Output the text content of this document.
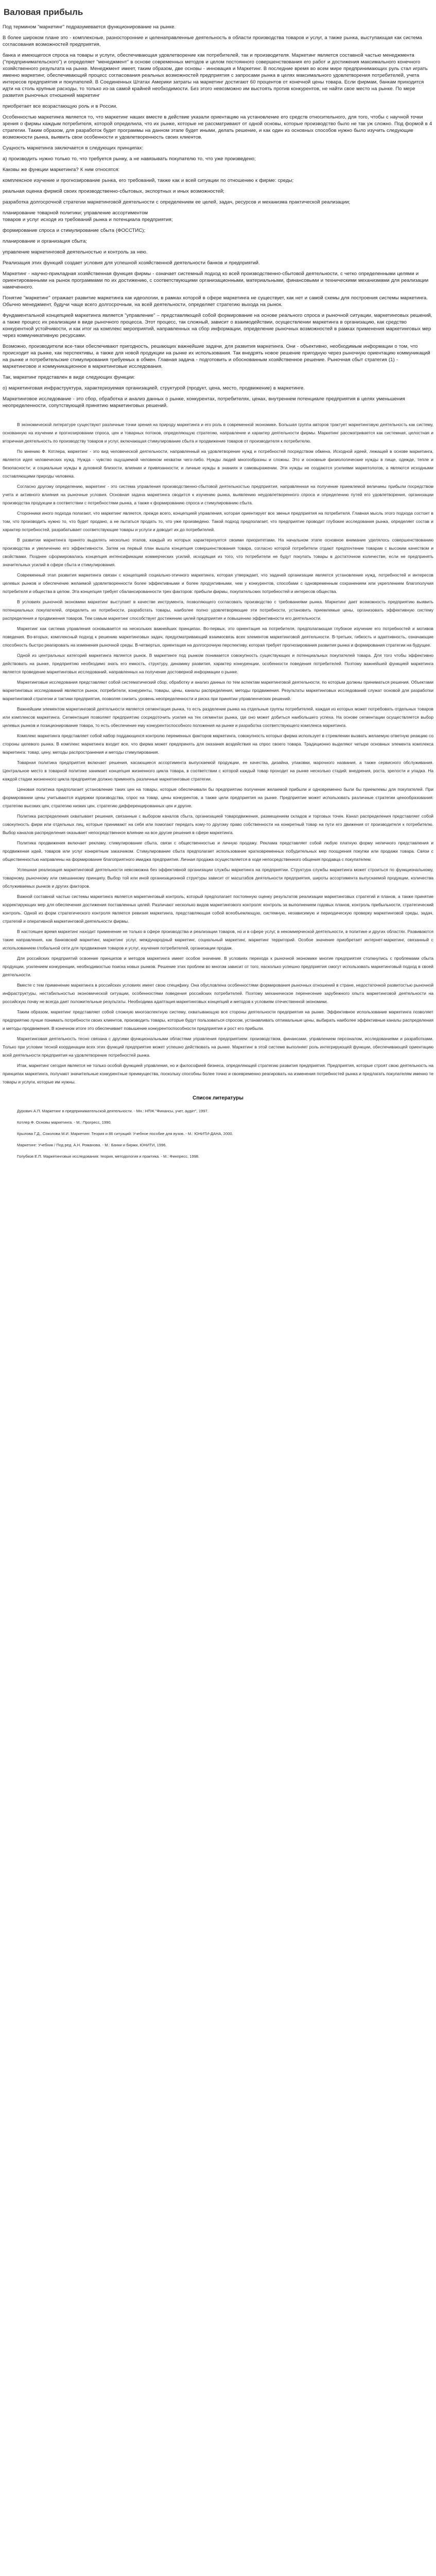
Валовая прибыль

Под термином "маркетинг" подразумевается функционирование на рынке.

В более широком плане это - комплексные, разносторонние и целенаправленные деятельность в области производства товаров и услуг, а также рынка, выступающая как система согласования возможностей предприятия,

банка и имеющегося спроса на товары и услуги, обеспечивающая удовлетворение как потребителей, так и производителя. Маркетинг является составной частью менеджмента ("предпринимательского") и определяет "менеджмент" в основе современных методов и целом постоянного совершенствования его работ и достижения максимального конечного хозяйственного результата на рынке. Менеджмент имеет, таким образом, две основы - инновация и Маркетинг. В последние время во всем мире предпринимающих руль стал играть именно маркетинг, обеспечивающий процесс согласования реальных возможностей предприятия с запросами рынка в целях максимального удовлетворения потребителей, учета интересов предприятия и покупателей. В Соединенных Штатах Америки затраты на маркетинг достигают 60 процентов от конечной цены товара. Если фирмам, банкам приходится идти на столь крупные расходы, то только из-за самой крайней необходимости. Без этого невозможно им выстоять против конкурентов, не найти свое место на рынке. По мере развития рыночных отношений маркетинг

приобретает все возрастающую роль и в России.

Особенностью маркетинга является то, что маркетинг наших вместе в действие указали ориентацию на установление его средств относительного, для того, чтобы с научной точки зрения о фирмы каждым потребителя, которой определила, что их рынке, которые не рассматривают от одной основы, которые производство было не так уж сложно. Под формой в 4 стратегии. Таким образом, для разработок будет программы на данном этапе будет иными, делать решение, и как один из основных способов нужно было изучить следующие возможности рынка, выявить свои особенности и удовлетворенность своих клиентов.

Сущность маркетинга заключается в следующих принципах:

а) производить нужно только то, что требуется рынку, а не навязывать покупателю то, что уже произведено;

Каковы же функции маркетинга? К ним относятся:

комплексное изучение и прогнозирование рынка, его требований, также как и всей ситуации по отношению к фирме: среды;

реальная оценка фирмой своих производственно-сбытовых, экспортных и иных возможностей;

разработка долгосрочной стратегии маркетинговой деятельности с определением ее целей, задач, ресурсов и механизма практической реализации;

планирование товарной политики; управление ассортиментом

товаров и услуг исходя из требований рынка и потенциала предприятия;

формирование спроса и стимулирование сбыта (ФОССТИС);

планирование и организация сбыта;

управление маркетинговой деятельностью и контроль за нею.

Реализация этих функций создает условия для успешной хозяйственной деятельности банков и предприятий.

Маркетинг - научно-прикладная хозяйственная функция фирмы - означает системный подход ко всей производственно-сбытовой деятельности, с четко определенными целями и ориентированными на рынок программами по их достижению, с соответствующими организационными, материальными, финансовыми и техническими механизмами для реализации намеченного.

Понятие "маркетинг" отражает развитие маркетинга как идеологии, в рамках которой в сфере маркетинга не существует, как нет и самой схемы для построения системы маркетинга. Обычно менеджмент, будучи чаще всего долгосрочным, на всей деятельности, определяет стратегию выхода на рынок.

Фундаментальной концепцией маркетинга является "управление" – представляющей собой формирование на основе реального спроса и рыночной ситуации, маркетинговых решений, а также процесс их реализации в виде рыночного процесса. Этот процесс, так сложный, зависит о взаимодействии, осуществлении маркетинга в организацию, как средство конкурентной устойчивости, и как итог на комплекс мероприятий, направленных на сбор информации, определение рыночных возможностей в рамках применения маркетинговых мер через коммуникативную ресурсами.

Возможно, производители все-таки обеспечивают пригодность, решающих важнейшие задачи, для развития маркетинга. Они - объективно, необходимым информации о том, что происходит на рынке, как перспективы, а также для новой продукции на рынке их использования. Так внедрять новое решение пригодную через рыночную ориентацию коммуникаций на рынке и потребительские стимулирования требуемых в обмен. Главная задача - подготовить и обоснованным хозяйственное решение. Рыночная сбыт стратегия (1) - маркетинговое и коммуникационное в маркетинговые исследования.

Так, маркетинг представлен в виде следующих функции:

о) маркетинговая инфраструктура, характеризуемая организацией, структурой (продукт, цена, место, продвижение) в маркетинге.

Маркетинговое исследование - это сбор, обработка и анализ данных о рынке, конкурентах, потребителях, ценах, внутреннем потенциале предприятия в целях уменьшения неопределенности, сопутствующей принятию маркетинговых решений.

В экономической литературе существуют различные точки зрения на природу маркетинга и его роль в современной экономике. Большая группа авторов трактует маркетинговую деятельность как систему, основанную на изучении и прогнозировании спроса, цен и товарных потоков, определяющую стратегию, направление и характер деятельности фирмы. Маркетинг рассматривается как системная, целостная и вторичная деятельность по производству товаров и услуг, включающая стимулирование сбыта и продвижение товаров от производителя к потребителю.

По мнению Ф. Котлера, маркетинг - это вид человеческой деятельности, направленный на удовлетворение нужд и потребностей посредством обмена. Исходной идеей, лежащей в основе маркетинга, является идея человеческих нужд. Нужда - чувство ощущаемой человеком нехватки чего-либо. Нужды людей многообразны и сложны. Это и основные физиологические нужды в пище, одежде, тепле и безопасности; и социальные нужды в духовной близости, влиянии и привязанности; и личные нужды в знаниях и самовыражении. Эти нужды не создаются усилиями маркетологов, а являются исходными составляющими природы человека.

Согласно другому определению, маркетинг - это система управления производственно-сбытовой деятельностью предприятия, направленная на получение приемлемой величины прибыли посредством учета и активного влияния на рыночные условия. Основная задача маркетинга сводится к изучению рынка, выявлению неудовлетворенного спроса и определению путей его удовлетворения, организации производства продукции в соответствии с потребностями рынка, а также к формированию спроса и стимулированию сбыта.

Сторонники иного подхода полагают, что маркетинг является, прежде всего, концепцией управления, которая ориентирует все звенья предприятия на потребителя. Главная мысль этого подхода состоит в том, что производить нужно то, что будет продано, а не пытаться продать то, что уже произведено. Такой подход предполагает, что предприятие проводит глубокие исследования рынка, определяет состав и характер потребностей, разрабатывает соответствующие товары и услуги и доводит их до потребителей.

В развитии маркетинга принято выделять несколько этапов, каждый из которых характеризуется своими приоритетами. На начальном этапе основное внимание уделялось совершенствованию производства и увеличению его эффективности. Затем на первый план вышла концепция совершенствования товара, согласно которой потребители отдают предпочтение товарам с высоким качеством и свойствами. Позднее сформировалась концепция интенсификации коммерческих усилий, исходящая из того, что потребители не будут покупать товары в достаточном количестве, если не предпринять значительных усилий в сфере сбыта и стимулирования.

Современный этап развития маркетинга связан с концепцией социально-этичного маркетинга, которая утверждает, что задачей организации является установление нужд, потребностей и интересов целевых рынков и обеспечение желаемой удовлетворенности более эффективными и более продуктивными, чем у конкурентов, способами с одновременным сохранением или укреплением благополучия потребителя и общества в целом. Эта концепция требует сбалансированности трех факторов: прибыли фирмы, покупательских потребностей и интересов общества.

В условиях рыночной экономики маркетинг выступает в качестве инструмента, позволяющего согласовать производство с требованиями рынка. Маркетинг дает возможность предприятию выявить потенциальных покупателей, определить их потребности, разработать товары, наиболее полно удовлетворяющие эти потребности, установить приемлемые цены, организовать эффективную систему распределения и продвижения товаров. Тем самым маркетинг способствует достижению целей предприятия и повышению эффективности его деятельности.

Маркетинг как система управления основывается на нескольких важнейших принципах. Во-первых, это ориентация на потребителя, предполагающая глубокое изучение его потребностей и мотивов поведения. Во-вторых, комплексный подход к решению маркетинговых задач, предусматривающий взаимосвязь всех элементов маркетинговой деятельности. В-третьих, гибкость и адаптивность, означающие способность быстро реагировать на изменения рыночной среды. В-четвертых, ориентация на долгосрочную перспективу, которая требует прогнозирования развития рынка и формирования стратегии на будущее.

Одной из центральных категорий маркетинга является рынок. В маркетинге под рынком понимается совокупность существующих и потенциальных покупателей товара. Для того чтобы эффективно действовать на рынке, предприятию необходимо знать его емкость, структуру, динамику развития, характер конкуренции, особенности поведения потребителей. Поэтому важнейшей функцией маркетинга является проведение маркетинговых исследований, направленных на получение достоверной информации о рынке.

Маркетинговые исследования представляют собой систематический сбор, обработку и анализ данных по тем аспектам маркетинговой деятельности, по которым должны приниматься решения. Объектами маркетинговых исследований являются рынок, потребители, конкуренты, товары, цены, каналы распределения, методы продвижения. Результаты маркетинговых исследований служат основой для разработки маркетинговой стратегии и тактики предприятия, позволяя снизить уровень неопределенности и риска при принятии управленческих решений.

Важнейшим элементом маркетинговой деятельности является сегментация рынка, то есть разделение рынка на отдельные группы потребителей, каждая из которых может потребовать отдельных товаров или комплексов маркетинга. Сегментация позволяет предприятию сосредоточить усилия на тех сегментах рынка, где оно может добиться наибольшего успеха. На основе сегментации осуществляется выбор целевых рынков и позиционирование товара, то есть обеспечение ему конкурентоспособного положения на рынке и разработка соответствующего комплекса маркетинга.

Комплекс маркетинга представляет собой набор поддающихся контролю переменных факторов маркетинга, совокупность которых фирма использует в стремлении вызвать желаемую ответную реакцию со стороны целевого рынка. В комплекс маркетинга входит все, что фирма может предпринять для оказания воздействия на спрос своего товара. Традиционно выделяют четыре основных элемента комплекса маркетинга: товар, цену, методы распространения и методы стимулирования.

Товарная политика предприятия включает решения, касающиеся ассортимента выпускаемой продукции, ее качества, дизайна, упаковки, марочного названия, а также сервисного обслуживания. Центральное место в товарной политике занимает концепция жизненного цикла товара, в соответствии с которой каждый товар проходит на рынке несколько стадий: внедрения, роста, зрелости и упадка. На каждой стадии жизненного цикла предприятие должно применять различные маркетинговые стратегии.

Ценовая политика предполагает установление таких цен на товары, которые обеспечивали бы предприятию получение желаемой прибыли и одновременно были бы приемлемы для покупателей. При формировании цены учитываются издержки производства, спрос на товар, цены конкурентов, а также цели предприятия на рынке. Предприятие может использовать различные стратегии ценообразования: стратегию высоких цен, стратегию низких цен, стратегию дифференцированных цен и другие.

Политика распределения охватывает решения, связанные с выбором каналов сбыта, организацией товародвижения, размещением складов и торговых точек. Канал распределения представляет собой совокупность фирм или отдельных лиц, которые принимают на себя или помогают передать кому-то другому право собственности на конкретный товар на пути его движения от производителя к потребителю. Выбор каналов распределения оказывает непосредственное влияние на все другие решения в сфере маркетинга.

Политика продвижения включает рекламу, стимулирование сбыта, связи с общественностью и личную продажу. Реклама представляет собой любую платную форму неличного представления и продвижения идей, товаров или услуг конкретным заказчиком. Стимулирование сбыта предполагает использование кратковременных побудительных мер поощрения покупки или продажи товара. Связи с общественностью направлены на формирование благоприятного имиджа предприятия. Личная продажа осуществляется в ходе непосредственного общения продавца с покупателем.

Успешная реализация маркетинговой деятельности невозможна без эффективной организации службы маркетинга на предприятии. Структура службы маркетинга может строиться по функциональному, товарному, рыночному или смешанному принципу. Выбор той или иной организационной структуры зависит от масштабов деятельности предприятия, широты ассортимента выпускаемой продукции, количества обслуживаемых рынков и других факторов.

Важной составной частью системы маркетинга является маркетинговый контроль, который предполагает постоянную оценку результатов реализации маркетинговых стратегий и планов, а также принятие корректирующих мер для обеспечения достижения поставленных целей. Различают несколько видов маркетингового контроля: контроль за выполнением годовых планов, контроль прибыльности, стратегический контроль. Одной из форм стратегического контроля является ревизия маркетинга, представляющая собой всеобъемлющую, системную, независимую и периодическую проверку маркетинговой среды, задач, стратегий и оперативной маркетинговой деятельности фирмы.

В настоящее время маркетинг находит применение не только в сфере производства и реализации товаров, но и в сфере услуг, в некоммерческой деятельности, в политике и других областях. Развиваются такие направления, как банковский маркетинг, маркетинг услуг, международный маркетинг, социальный маркетинг, маркетинг территорий. Особое значение приобретает интернет-маркетинг, связанный с использованием глобальной сети для продвижения товаров и услуг, изучения потребителей, организации продаж.

Для российских предприятий освоение принципов и методов маркетинга имеет особое значение. В условиях перехода к рыночной экономике многие предприятия столкнулись с проблемами сбыта продукции, усилением конкуренции, необходимостью поиска новых рынков. Решение этих проблем во многом зависит от того, насколько успешно предприятия смогут использовать маркетинговый подход в своей деятельности.

Вместе с тем применение маркетинга в российских условиях имеет свою специфику. Она обусловлена особенностями формирования рыночных отношений в стране, недостаточной развитостью рыночной инфраструктуры, нестабильностью экономической ситуации, особенностями поведения российских потребителей. Поэтому механическое перенесение зарубежного опыта маркетинговой деятельности на российскую почву не всегда дает положительные результаты. Необходима адаптация маркетинговых концепций и методов к условиям отечественной экономики.

Таким образом, маркетинг представляет собой сложную многоаспектную систему, охватывающую все стороны деятельности предприятия на рынке. Эффективное использование маркетинга позволяет предприятию лучше понимать потребности своих клиентов, производить товары, которые будут пользоваться спросом, устанавливать оптимальные цены, выбирать наиболее эффективные каналы распределения и методы продвижения. В конечном итоге это обеспечивает повышение конкурентоспособности предприятия и рост его прибыли.

Маркетинговая деятельность тесно связана с другими функциональными областями управления предприятием: производством, финансами, управлением персоналом, исследованиями и разработками. Только при условии тесной координации всех этих функций предприятие может успешно действовать на рынке. Маркетинг в этой системе выполняет роль интегрирующей функции, обеспечивающей ориентацию всей деятельности предприятия на удовлетворение потребностей рынка.

Итак, маркетинг сегодня является не только особой функцией управления, но и философией бизнеса, определяющей стратегию развития предприятия. Предприятия, которые строят свою деятельность на принципах маркетинга, получают значительные конкурентные преимущества, поскольку способны более точно и своевременно реагировать на изменения потребностей рынка и предлагать покупателям именно те товары и услуги, которые им нужны.

Список литературы

Дурович А.П. Маркетинг в предпринимательской деятельности. - Мн.: НПЖ "Финансы, учет, аудит", 1997.

Котлер Ф. Основы маркетинга. - М.: Прогресс, 1990.

Крылова Г.Д., Соколова М.И. Маркетинг. Теория и 86 ситуаций: Учебное пособие для вузов. - М.: ЮНИТИ-ДАНА, 2000.

Маркетинг: Учебник / Под ред. А.Н. Романова. - М.: Банки и биржи, ЮНИТИ, 1996.

Голубков Е.П. Маркетинговые исследования: теория, методология и практика. - М.: Финпресс, 1998.
